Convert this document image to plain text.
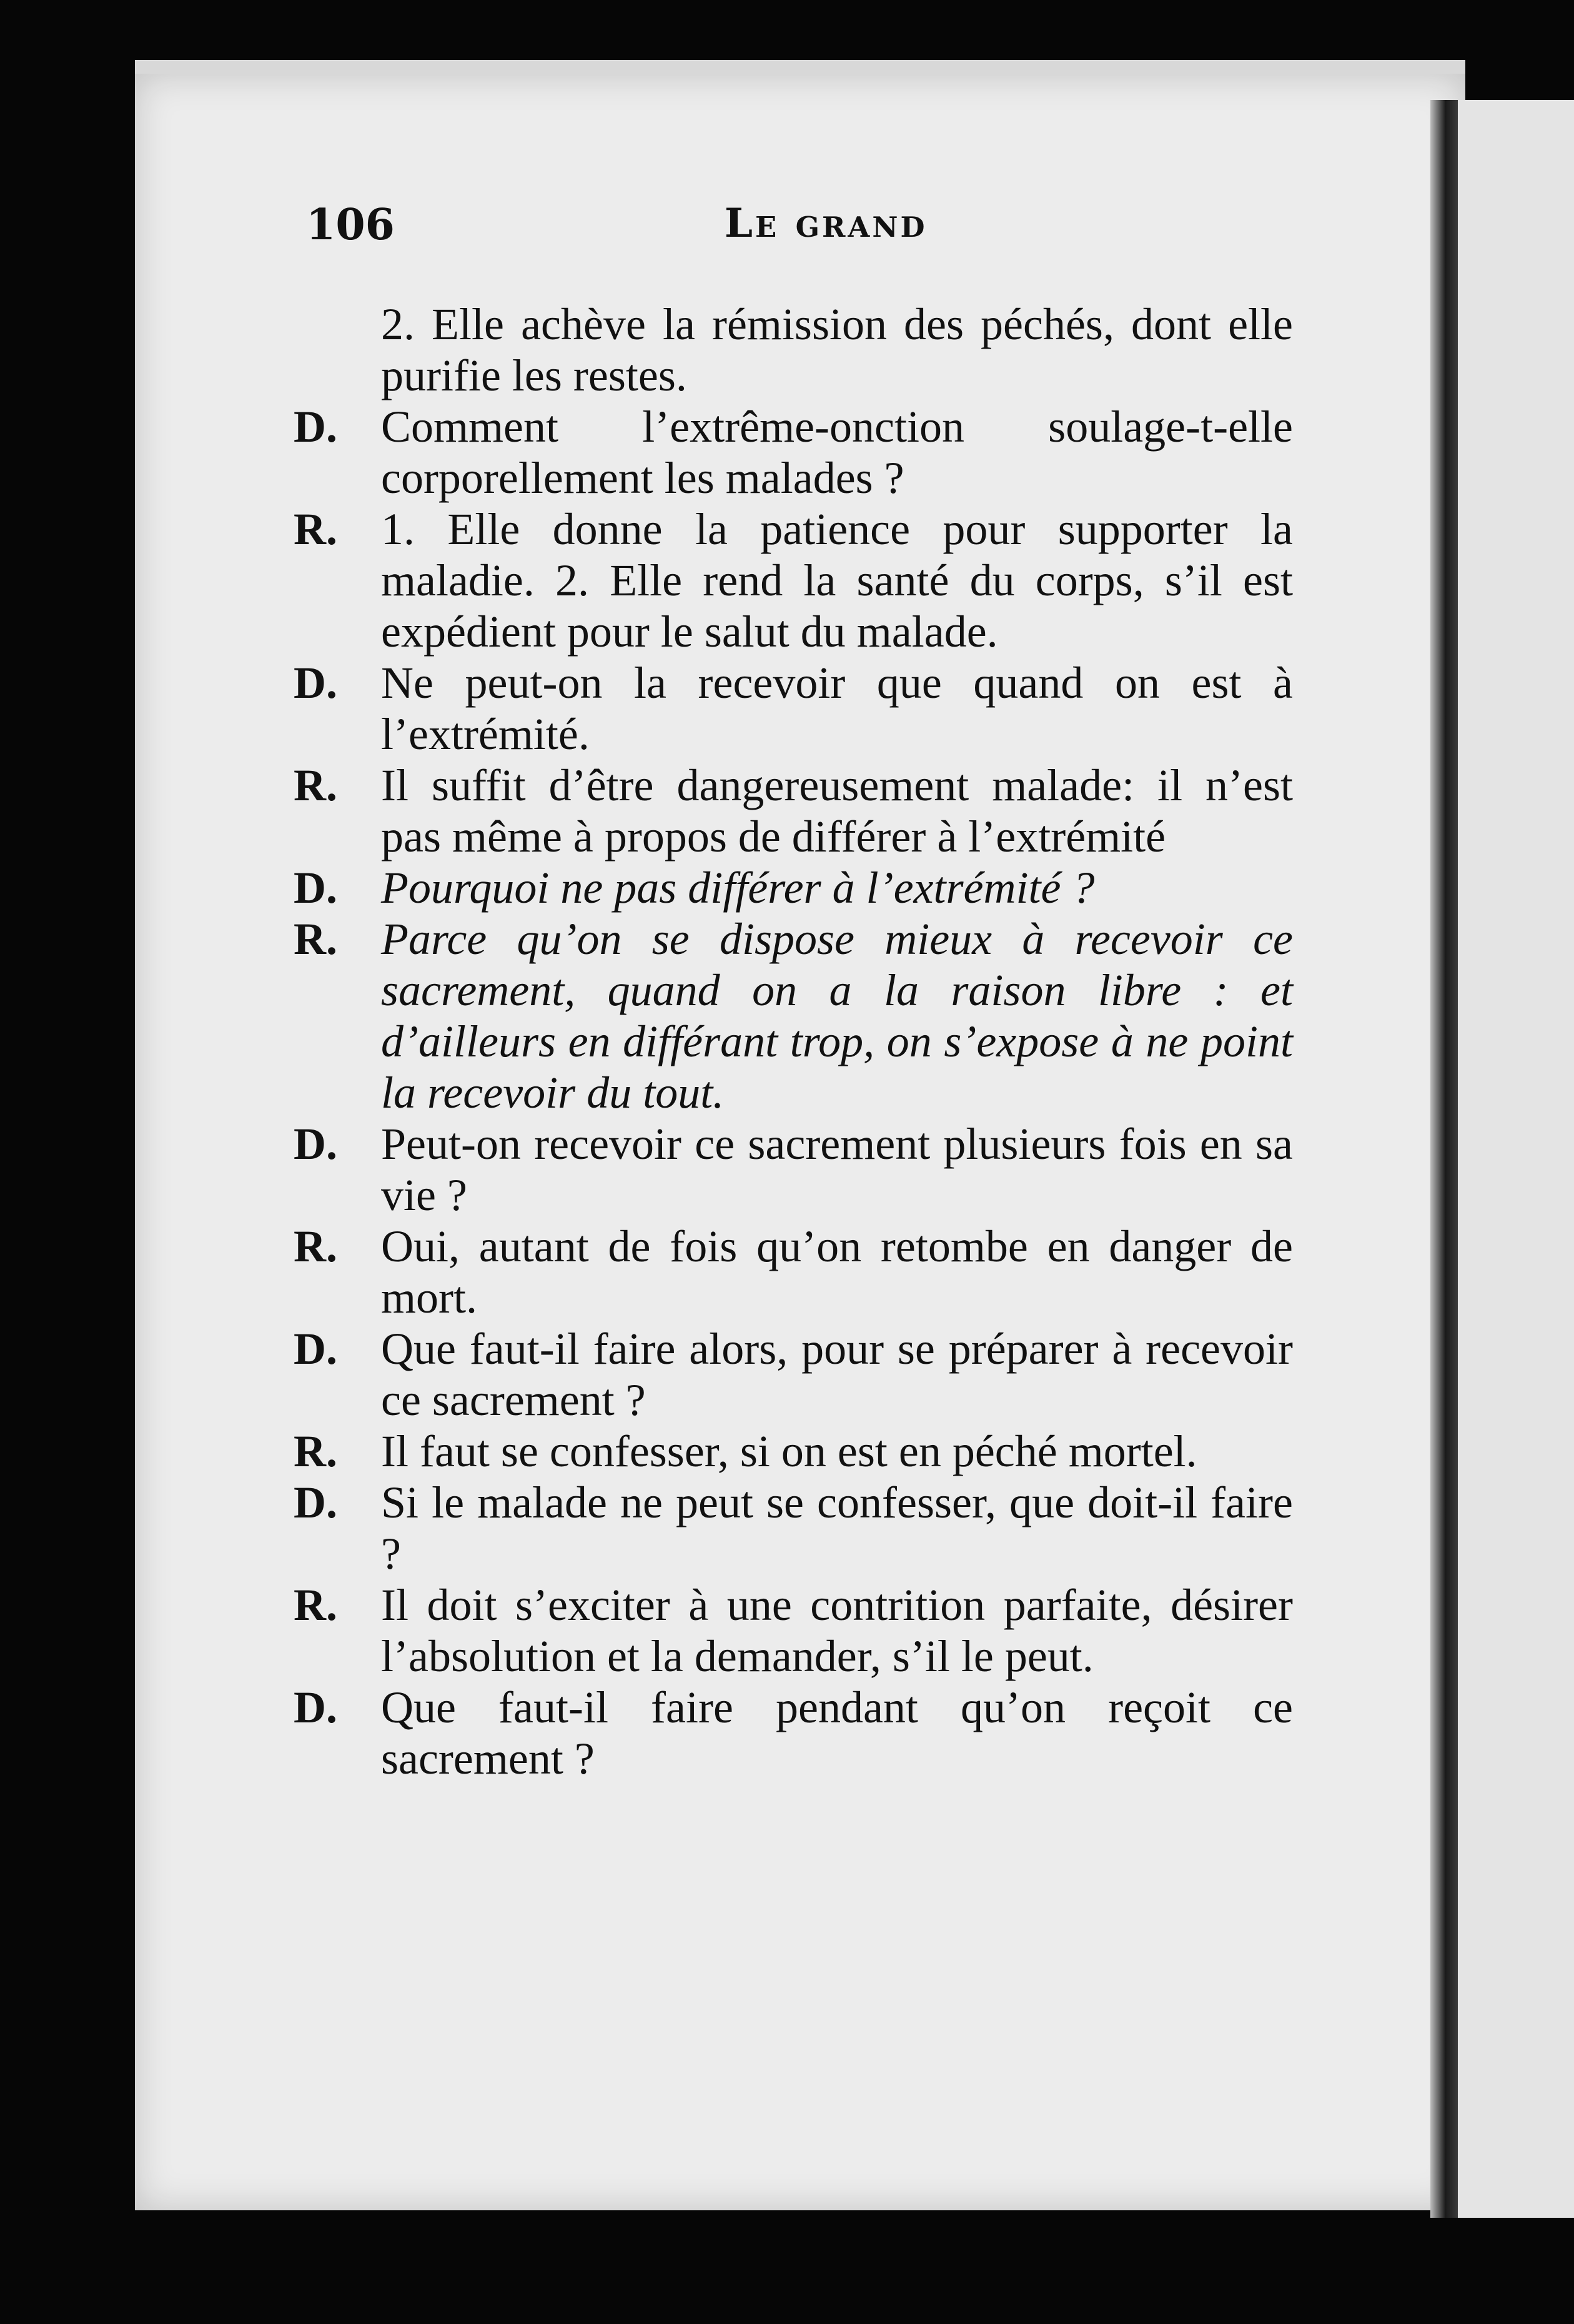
106	Le grand
2. Elle achève la rémission des péchés, dont elle purifie les restes.
D. Comment l’extrême-onction soulage-t-elle corporellement les malades ?
R. 1. Elle donne la patience pour supporter la maladie. 2. Elle rend la santé du corps, s’il est expédient pour le salut du malade.
D. Ne peut-on la recevoir que quand on est à l’extrémité.
R. Il suffit d’être dangereusement malade: il n’est pas même à propos de différer à l’extrémité
D. Pourquoi ne pas différer à l’extrémité ?
R. Parce qu’on se dispose mieux à recevoir ce sacrement, quand on a la raison libre : et d’ailleurs en différant trop, on s’expose à ne point la recevoir du tout.
D. Peut-on recevoir ce sacrement plusieurs fois en sa vie ?
R. Oui, autant de fois qu’on retombe en danger de mort.
D. Que faut-il faire alors, pour se préparer à recevoir ce sacrement ?
R. Il faut se confesser, si on est en péché mortel.
D. Si le malade ne peut se confesser, que doit-il faire ?
R. Il doit s’exciter à une contrition parfaite, désirer l’absolution et la demander, s’il le peut.
D. Que faut-il faire pendant qu’on reçoit ce sacrement ?
